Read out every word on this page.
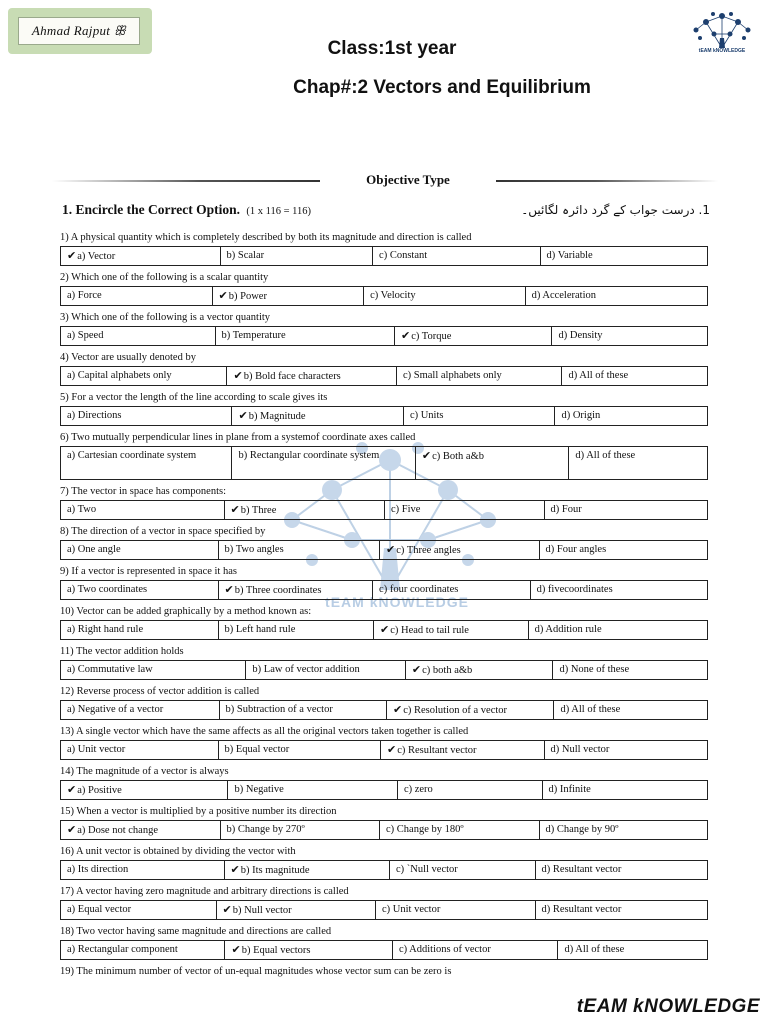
Ahmad Rajput ꕥ
tEAM kNOWLEDGE
Class:1st year
Chap#:2 Vectors and Equilibrium
Objective Type
1. Encircle the Correct Option. (1 x 116 = 116)	1. درست جواب کے گرد دائرہ لگائیں۔
tEAM kNOWLEDGE
1) A physical quantity which is completely described by both its magnitude and direction is called
✔a) Vector	b) Scalar	c) Constant	d) Variable
2) Which one of the following is a scalar quantity
a) Force	✔b) Power	c) Velocity	d) Acceleration
3) Which one of the following is a vector quantity
a) Speed	b) Temperature	✔c) Torque	d) Density
4) Vector are usually denoted by
a) Capital alphabets only	✔b) Bold face characters	c) Small alphabets only	d) All of these
5) For a vector the length of the line according to scale gives its
a) Directions	✔b) Magnitude	c) Units	d) Origin
6) Two mutually perpendicular lines in plane from a systemof coordinate axes called
a) Cartesian coordinate system	b) Rectangular coordinate system	✔c) Both a&b	d) All of these
7) The vector in space has components:
a) Two	✔b) Three	c) Five	d) Four
8) The direction of a vector in space specified by
a) One angle	b) Two angles	✔c) Three angles	d) Four angles
9) If a vector is represented in space it has
a) Two coordinates	✔b) Three coordinates	c) four coordinates	d) fivecoordinates
10) Vector can be added graphically by a method known as:
a) Right hand rule	b) Left hand rule	✔c) Head to tail rule	d) Addition rule
11) The vector addition holds
a) Commutative law	b) Law of vector addition	✔c) both a&b	d) None of these
12) Reverse process of vector addition is called
a) Negative of a vector	b) Subtraction of a vector	✔c) Resolution of a vector	d) All of these
13) A single vector which have the same affects as all the original vectors taken together is called
a) Unit vector	b) Equal vector	✔c) Resultant vector	d) Null vector
14) The magnitude of a vector is always
✔a) Positive	b) Negative	c) zero	d) Infinite
15) When a vector is multiplied by a positive number its direction
✔a) Dose not change	b) Change by 270º	c) Change by 180º	d) Change by 90º
16) A unit vector is obtained by dividing the vector with
a) Its direction	✔b) Its magnitude	c) `Null vector	d) Resultant vector
17) A vector having zero magnitude and arbitrary directions is called
a) Equal vector	✔b) Null vector	c) Unit vector	d) Resultant vector
18) Two vector having same magnitude and directions are called
a) Rectangular component	✔b) Equal vectors	c) Additions of vector	d) All of these
19) The minimum number of vector of un-equal magnitudes whose vector sum can be zero is
tEAM kNOWLEDGE
